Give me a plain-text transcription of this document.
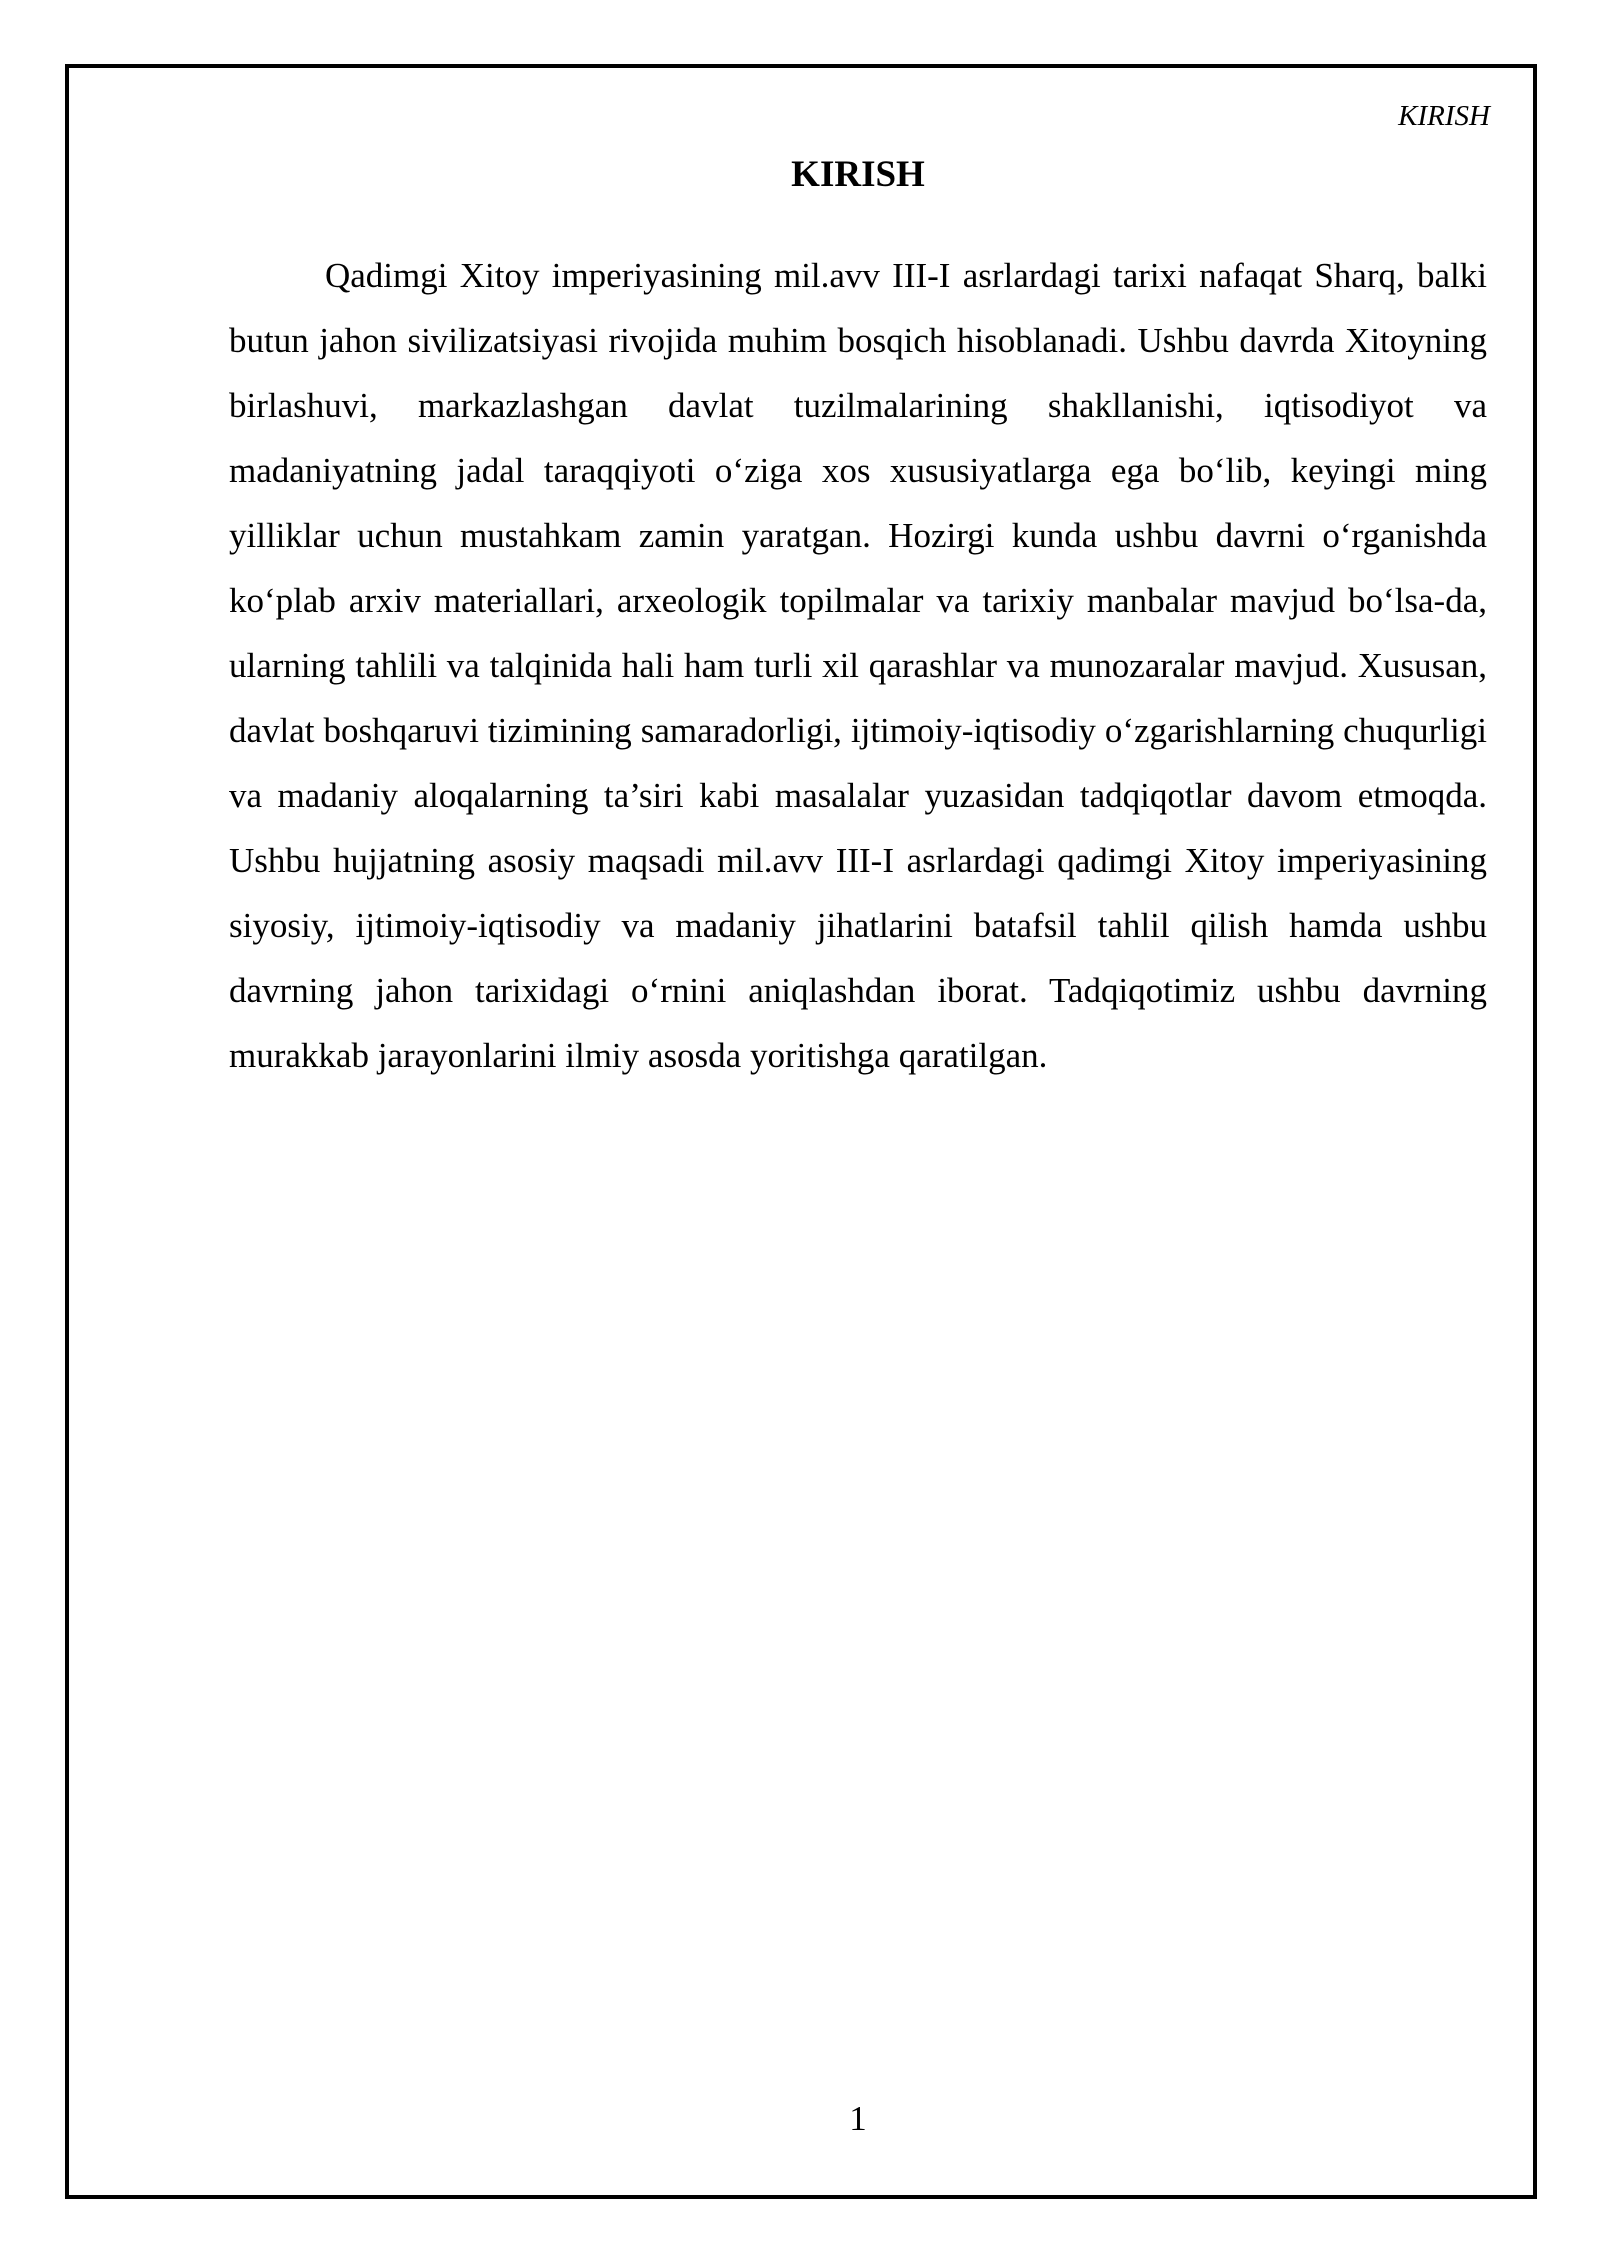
KIRISH
KIRISH

Qadimgi Xitoy imperiyasining mil.avv III-I asrlardagi tarixi nafaqat Sharq, balki butun jahon sivilizatsiyasi rivojida muhim bosqich hisoblanadi. Ushbu davrda Xitoyning birlashuvi, markazlashgan davlat tuzilmalarining shakllanishi, iqtisodiyot va madaniyatning jadal taraqqiyoti o‘ziga xos xususiyatlarga ega bo‘lib, keyingi ming yilliklar uchun mustahkam zamin yaratgan. Hozirgi kunda ushbu davrni o‘rganishda ko‘plab arxiv materiallari, arxeologik topilmalar va tarixiy manbalar mavjud bo‘lsa-da, ularning tahlili va talqinida hali ham turli xil qarashlar va munozaralar mavjud. Xususan, davlat boshqaruvi tizimining samaradorligi, ijtimoiy-iqtisodiy o‘zgarishlarning chuqurligi va madaniy aloqalarning ta’siri kabi masalalar yuzasidan tadqiqotlar davom etmoqda. Ushbu hujjatning asosiy maqsadi mil.avv III-I asrlardagi qadimgi Xitoy imperiyasining siyosiy, ijtimoiy-iqtisodiy va madaniy jihatlarini batafsil tahlil qilish hamda ushbu davrning jahon tarixidagi o‘rnini aniqlashdan iborat. Tadqiqotimiz ushbu davrning murakkab jarayonlarini ilmiy asosda yoritishga qaratilgan.

1
